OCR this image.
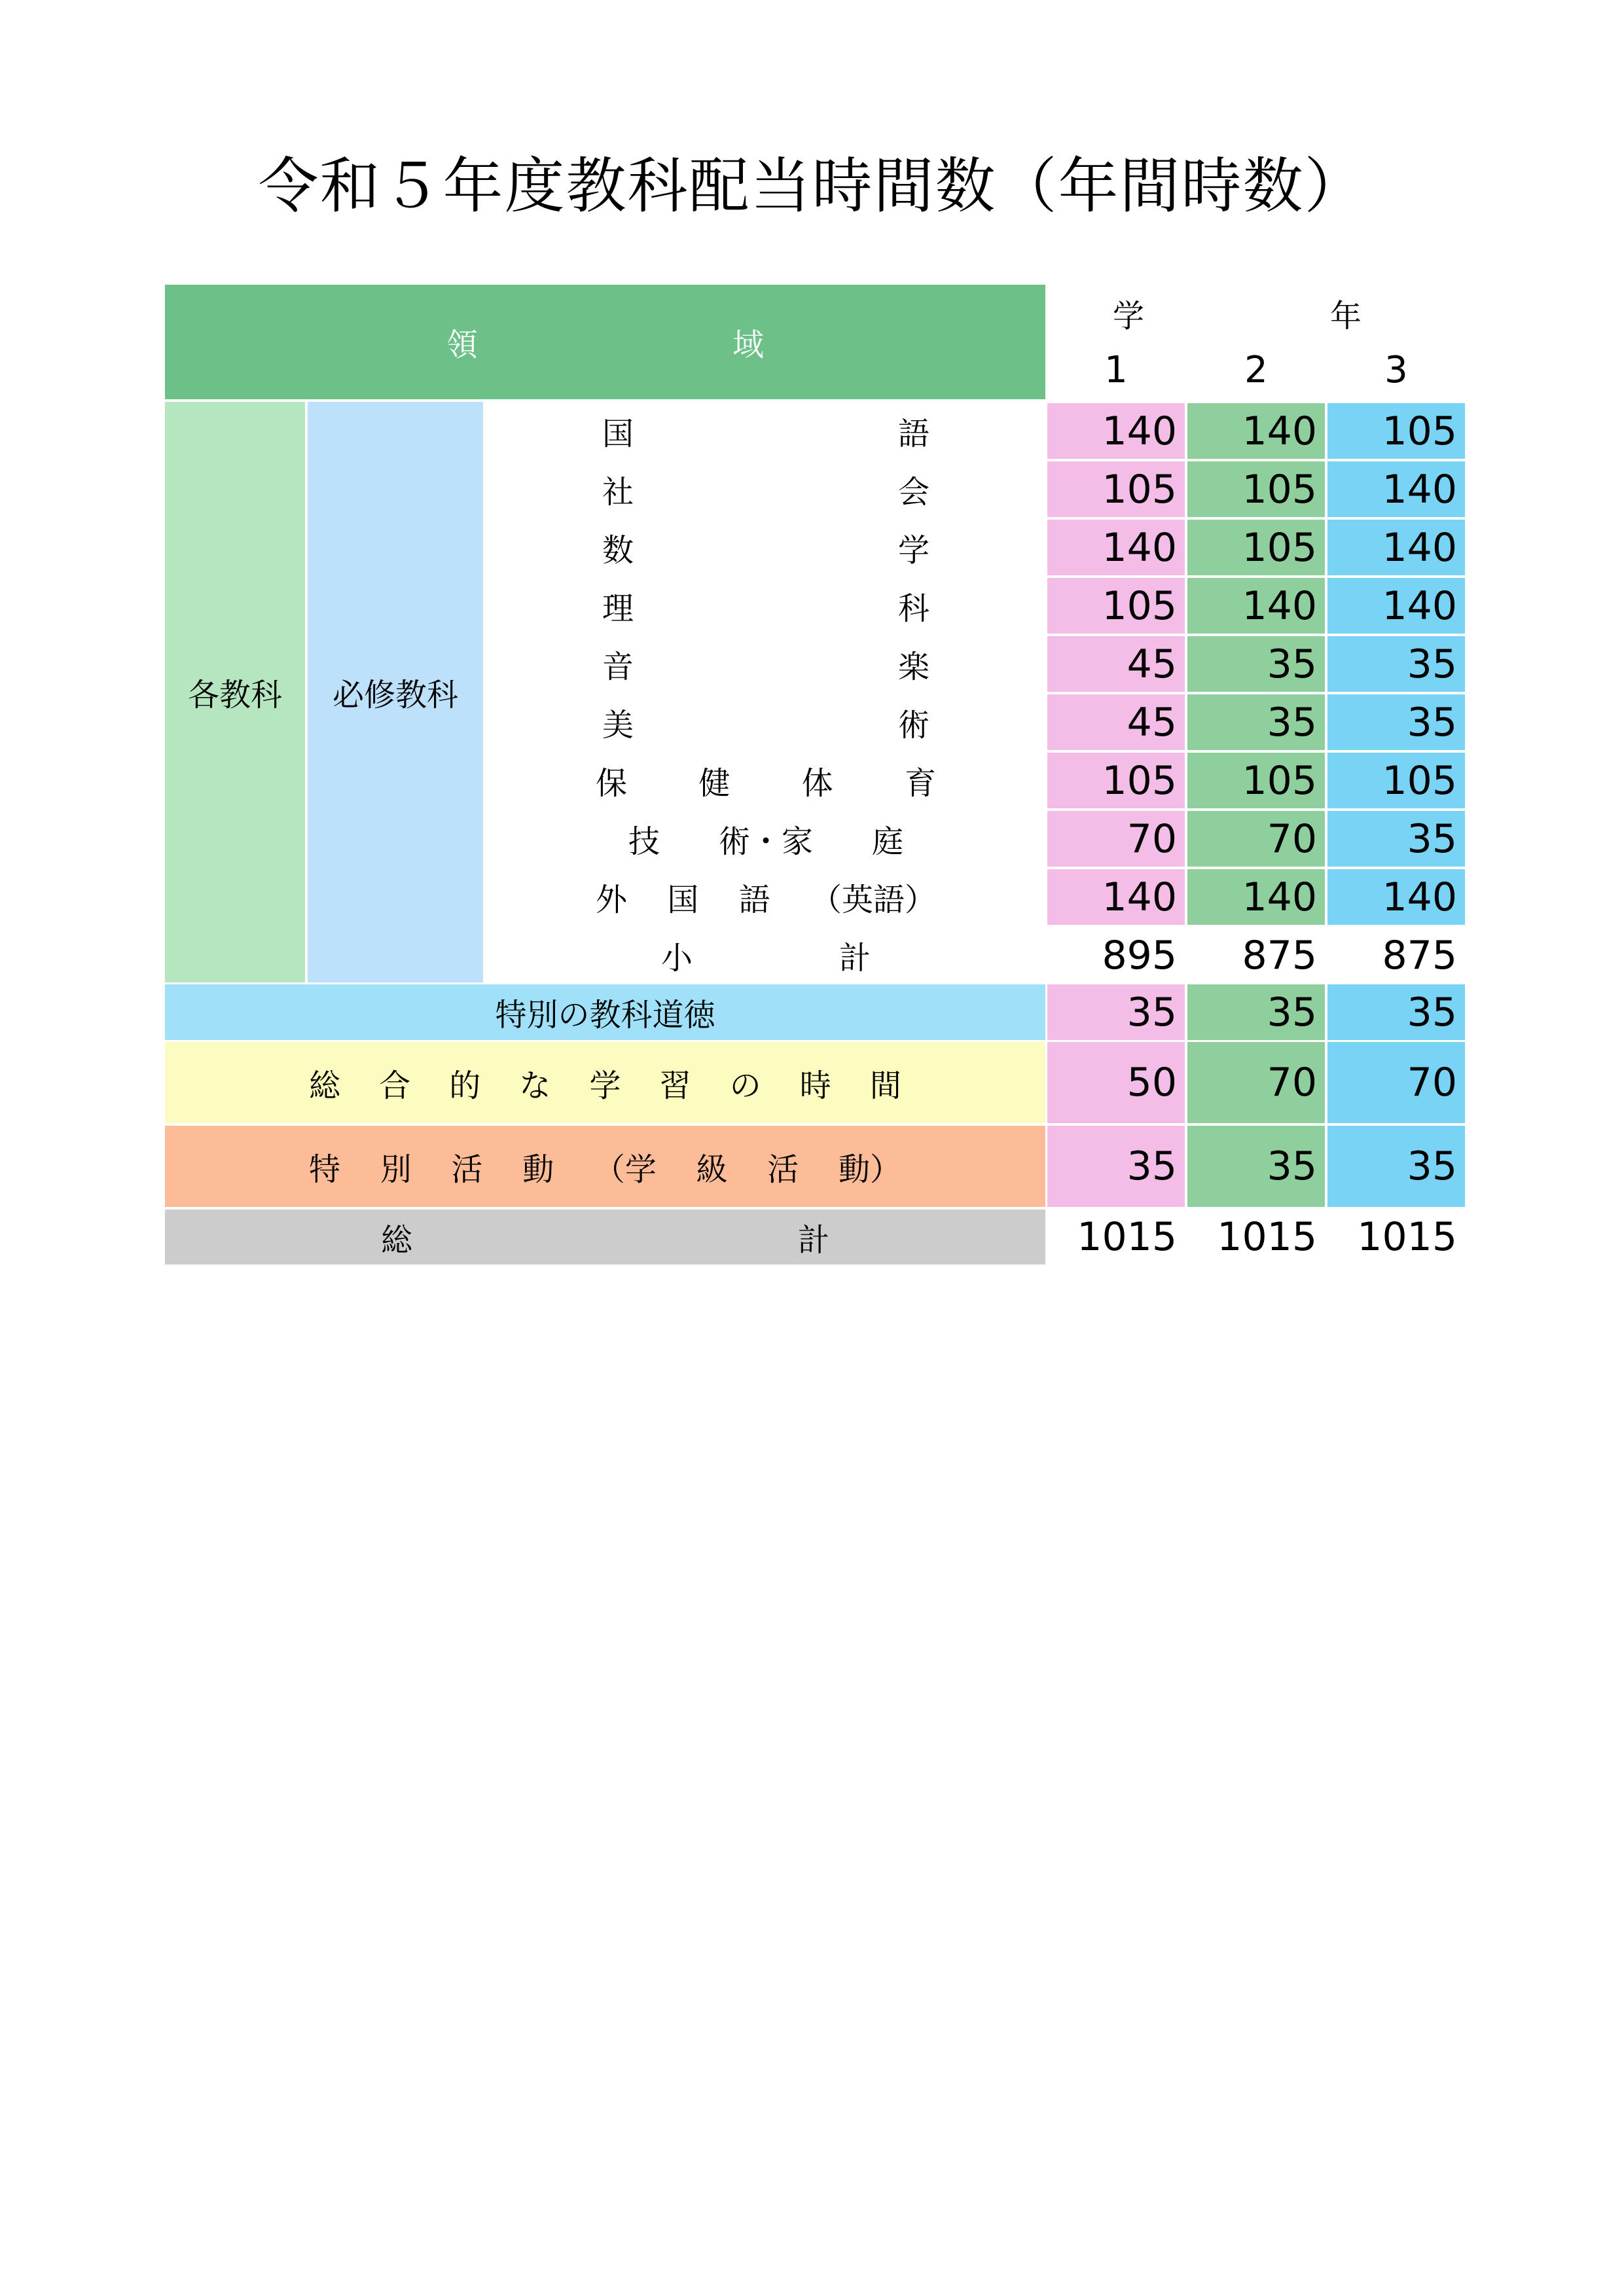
令和５年度教科配当時間数（年間時数）
領	域
学	年
1	2	3
各教科	必修教科
国	語	140	140	105
社	会	105	105	140
数	学	140	105	140
理	科	105	140	140
音	楽	45	35	35
美	術	45	35	35
保 健 体 育	105	105	105
技 術・家 庭	70	70	35
外 国 語 （英語）	140	140	140
小	計	895	875	875
特別の教科道徳	35	35	35
総 合 的 な 学 習 の 時 間	50	70	70
特 別 活 動 （学 級 活 動）	35	35	35
総	計	1015	1015	1015
